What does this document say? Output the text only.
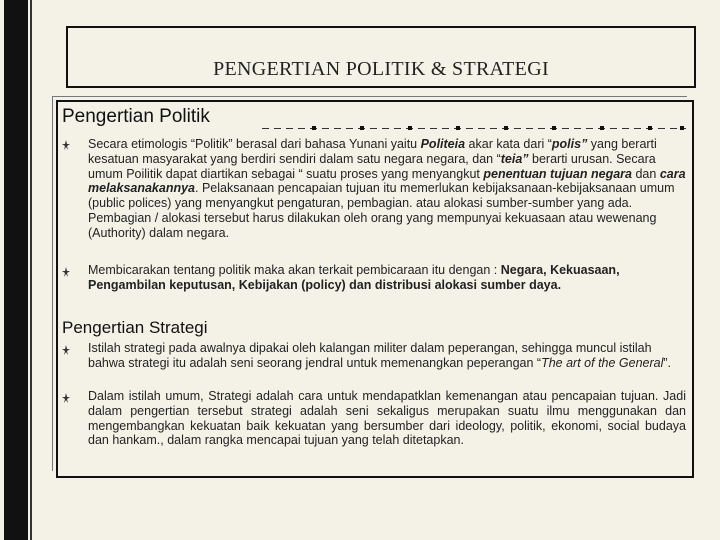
PENGERTIAN POLITIK & STRATEGI
Pengertian Politik
Secara etimologis “Politik” berasal dari bahasa Yunani yaitu Politeia akar kata dari “polis” yang berarti kesatuan masyarakat yang berdiri sendiri dalam satu negara negara, dan “teia” berarti urusan. Secara umum Poilitik dapat diartikan sebagai “ suatu proses yang menyangkut penentuan tujuan negara dan cara melaksanakannya. Pelaksanaan pencapaian tujuan itu memerlukan kebijaksanaan-kebijaksanaan umum (public polices) yang menyangkut pengaturan, pembagian. atau alokasi sumber-sumber yang ada. Pembagian / alokasi tersebut harus dilakukan oleh orang yang mempunyai kekuasaan atau wewenang (Authority) dalam negara.
Membicarakan tentang politik maka akan terkait pembicaraan itu dengan : Negara, Kekuasaan, Pengambilan keputusan, Kebijakan (policy) dan distribusi alokasi sumber daya.
Pengertian Strategi
Istilah strategi pada awalnya dipakai oleh kalangan militer dalam peperangan, sehingga muncul istilah bahwa strategi itu adalah seni seorang jendral untuk memenangkan peperangan “The art of the General”.
Dalam istilah umum, Strategi adalah cara untuk mendapatklan kemenangan atau pencapaian tujuan. Jadi dalam pengertian tersebut strategi adalah seni sekaligus merupakan suatu ilmu menggunakan dan mengembangkan kekuatan baik kekuatan yang bersumber dari ideology, politik, ekonomi, social budaya dan hankam., dalam rangka mencapai tujuan yang telah ditetapkan.
